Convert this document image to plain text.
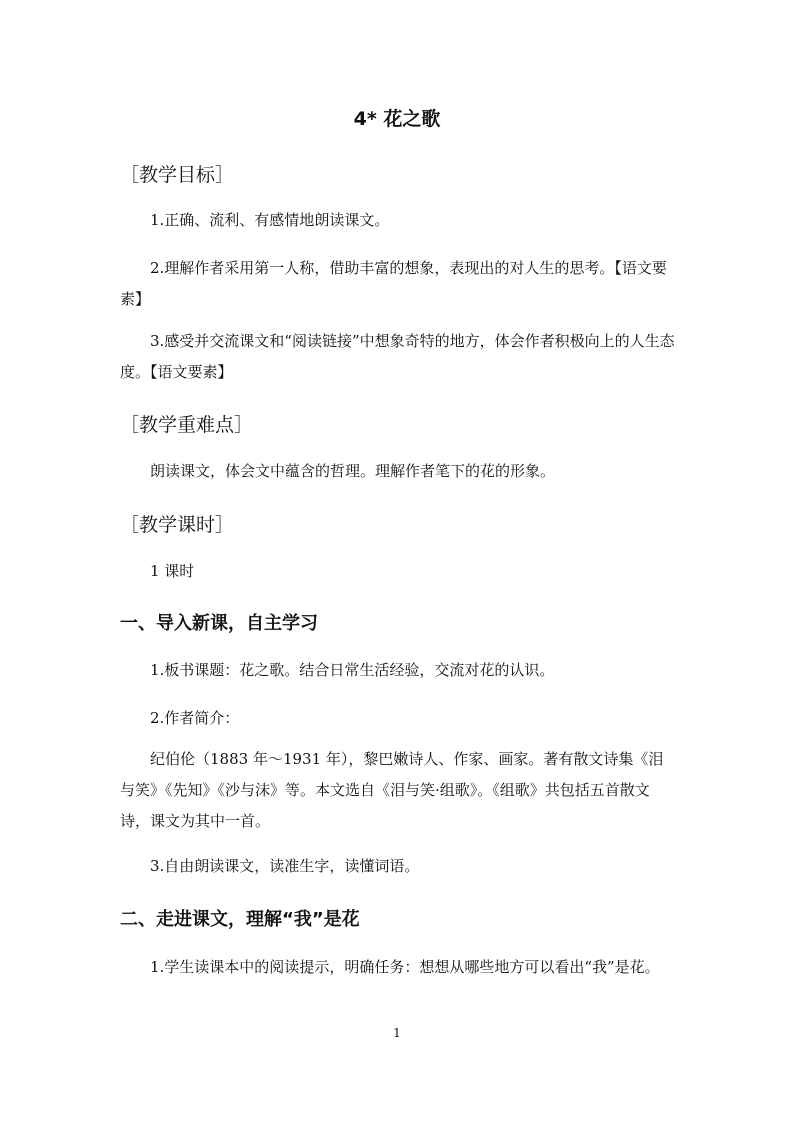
4* 花之歌
［教学目标］
1.正确、流利、有感情地朗读课文。
2.理解作者采用第一人称，借助丰富的想象，表现出的对人生的思考。【语文要素】
3.感受并交流课文和“阅读链接”中想象奇特的地方，体会作者积极向上的人生态度。【语文要素】
［教学重难点］
朗读课文，体会文中蕴含的哲理。理解作者笔下的花的形象。
［教学课时］
1 课时
一、导入新课，自主学习
1.板书课题：花之歌。结合日常生活经验，交流对花的认识。
2.作者简介：
纪伯伦（1883 年～1931 年），黎巴嫩诗人、作家、画家。著有散文诗集《泪与笑》《先知》《沙与沫》等。本文选自《泪与笑·组歌》。《组歌》共包括五首散文诗，课文为其中一首。
3.自由朗读课文，读准生字，读懂词语。
二、走进课文，理解“我”是花
1.学生读课本中的阅读提示，明确任务：想想从哪些地方可以看出“我”是花。
1
